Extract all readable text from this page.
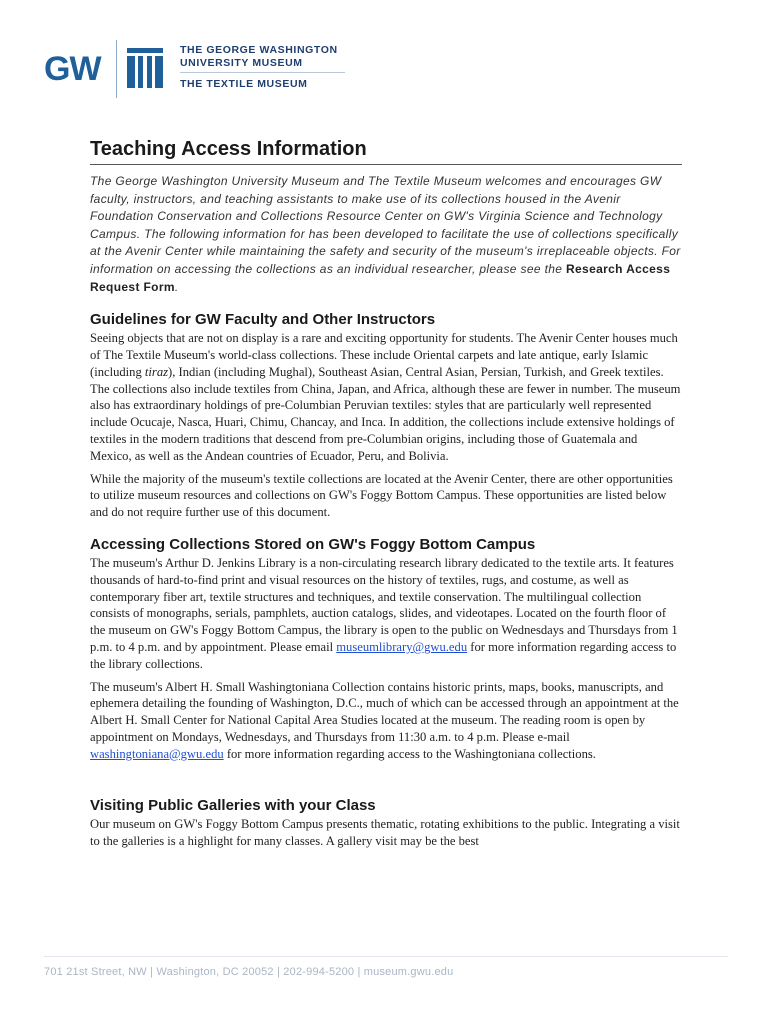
GW	THE GEORGE WASHINGTON
UNIVERSITY MUSEUM
THE TEXTILE MUSEUM
Teaching Access Information

The George Washington University Museum and The Textile Museum welcomes and encourages GW faculty, instructors, and teaching assistants to make use of its collections housed in the Avenir Foundation Conservation and Collections Resource Center on GW's Virginia Science and Technology Campus. The following information for has been developed to facilitate the use of collections specifically at the Avenir Center while maintaining the safety and security of the museum's irreplaceable objects. For information on accessing the collections as an individual researcher, please see the Research Access Request Form.

Guidelines for GW Faculty and Other Instructors

Seeing objects that are not on display is a rare and exciting opportunity for students. The Avenir Center houses much of The Textile Museum's world-class collections. These include Oriental carpets and late antique, early Islamic (including tiraz), Indian (including Mughal), Southeast Asian, Central Asian, Persian, Turkish, and Greek textiles. The collections also include textiles from China, Japan, and Africa, although these are fewer in number. The museum also has extraordinary holdings of pre-Columbian Peruvian textiles: styles that are particularly well represented include Ocucaje, Nasca, Huari, Chimu, Chancay, and Inca. In addition, the collections include extensive holdings of textiles in the modern traditions that descend from pre-Columbian origins, including those of Guatemala and Mexico, as well as the Andean countries of Ecuador, Peru, and Bolivia.

While the majority of the museum's textile collections are located at the Avenir Center, there are other opportunities to utilize museum resources and collections on GW's Foggy Bottom Campus. These opportunities are listed below and do not require further use of this document.

Accessing Collections Stored on GW's Foggy Bottom Campus

The museum's Arthur D. Jenkins Library is a non-circulating research library dedicated to the textile arts. It features thousands of hard-to-find print and visual resources on the history of textiles, rugs, and costume, as well as contemporary fiber art, textile structures and techniques, and textile conservation. The multilingual collection consists of monographs, serials, pamphlets, auction catalogs, slides, and videotapes. Located on the fourth floor of the museum on GW's Foggy Bottom Campus, the library is open to the public on Wednesdays and Thursdays from 1 p.m. to 4 p.m. and by appointment. Please email museumlibrary@gwu.edu for more information regarding access to the library collections.

The museum's Albert H. Small Washingtoniana Collection contains historic prints, maps, books, manuscripts, and ephemera detailing the founding of Washington, D.C., much of which can be accessed through an appointment at the Albert H. Small Center for National Capital Area Studies located at the museum. The reading room is open by appointment on Mondays, Wednesdays, and Thursdays from 11:30 a.m. to 4 p.m. Please e-mail washingtoniana@gwu.edu for more information regarding access to the Washingtoniana collections.

Visiting Public Galleries with your Class

Our museum on GW's Foggy Bottom Campus presents thematic, rotating exhibitions to the public. Integrating a visit to the galleries is a highlight for many classes. A gallery visit may be the best

701 21st Street, NW | Washington, DC 20052 | 202-994-5200 | museum.gwu.edu
